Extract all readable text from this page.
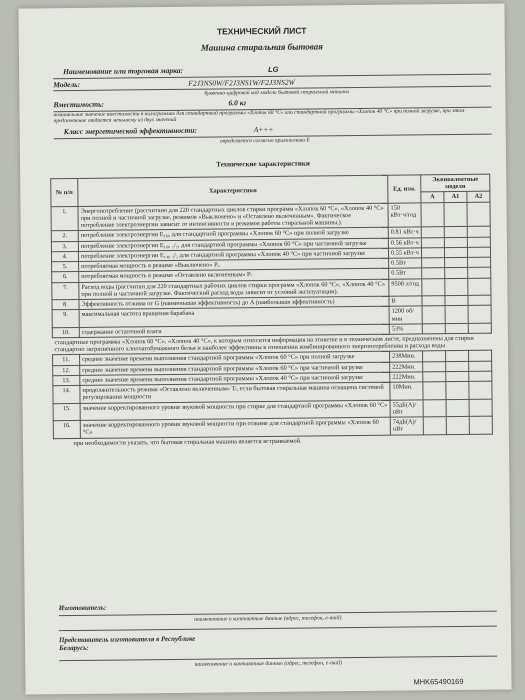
ТЕХНИЧЕСКИЙ ЛИСТ
Машина стиральная бытовая
Наименование или торговая марка:	LG
Модель:	F2J3NS0W/F2J3NS1W/F2J3NS2W
буквенно-цифровой код модели бытовой стиральной машины
Вместимость:	6.0 кг
номинальное значение вместимости в килограммах для стандартной программы «Хлопок 60 °С» или стандартной программы «Хлопок 40 °С» при полной загрузке, при этом предпочтение отдается меньшему из двух значений
Класс энергетической эффективности:	A+++
определяется согласно приложению Е
Технические характеристики
№ п/п	Характеристики	Ед. изм.	Эквивалентные модели		
			A	A1	A2
1.	Энергопотребление (рассчитано для 220 стандартных циклов стирки программ «Хлопок 60 °С», «Хлопок 40 °С» при полной и частичной загрузке, режимов «Выключено» и «Оставлено включенным». Фактическое потребление электроэнергии зависит от интенсивности и режимов работы стиральной машины.).	150 кВт·ч/год			
2.	потребление электроэнергии E₁₆₀ для стандартной программы «Хлопок 60 °С» при полной загрузке	0.81 кВт·ч			
3.	потребление электроэнергии E₁₆₀ ₁/₂, для стандартной программы «Хлопок 60 °С» при частичной загрузке	0.56 кВт·ч			
4.	потребление электроэнергии E₁₄₀ ₁/₂ для стандартной программы «Хлопок 40 °С» при частичной загрузке	0.55 кВт·ч			
5.	потребляемая мощность в режиме «Выключено» Pₒ	0.5Вт			
6.	потребляемая мощность в режиме «Оставлено включенным» Pₗ	0.5Вт			
7.	Расход воды (рассчитан для 220 стандартных рабочих циклов стирки программ «Хлопок 60 °С», «Хлопок 40 °С» при полной и частичной загрузке. Фактический расход воды зависит от условий эксплуатации).	9500 л/год			
8.	Эффективность отжима от G (наименьшая эффективность) до A (наибольшая эффективность)	B			
9.	максимальная частота вращения барабана	1200 об/мин			
10.	содержание остаточной влаги	53%			
стандартные программы «Хлопок 60 °С», «Хлопок 40 °С», к которым относится информация на этикетке и в техническом листе, предназначены для стирки стандартно загрязненного хлопчатобумажного белья и наиболее эффективны в отношении комбинированного энергопотребления и расхода воды					
11.	среднее значение времени выполнения стандартной программы «Хлопок 60 °С» при полной загрузке	238Мин.			
12.	среднее значение времени выполнения стандартной программы «Хлопок 60 °С» при частичной загрузке	222Мин.			
13.	среднее значение времени выполнения стандартной программы «Хлопок 40 °С» при частичной загрузке	222Мин.			
14.	продолжительность режима «Оставлено включенным» Tₗ, если бытовая стиральная машина оснащена системой регулирования мощности	10Мин.			
15.	значение корректированного уровня звуковой мощности при стирке для стандартной программы «Хлопок 60 °С»	55дБ(A)/пВт			
16.	значение корректированного уровня звуковой мощности при отжиме для стандартной программы «Хлопок 60 °С»	74дБ(A)/пВт			
при необходимости указать, что бытовая стиральная машина является встраиваемой.					
Изготовитель:
наименование и контактные данные (адрес, телефон, e-mail)
Представитель изготовителя в Республике Беларусь:
наименование и контактные данные (адрес, телефон, e-mail)
MHK65490169
